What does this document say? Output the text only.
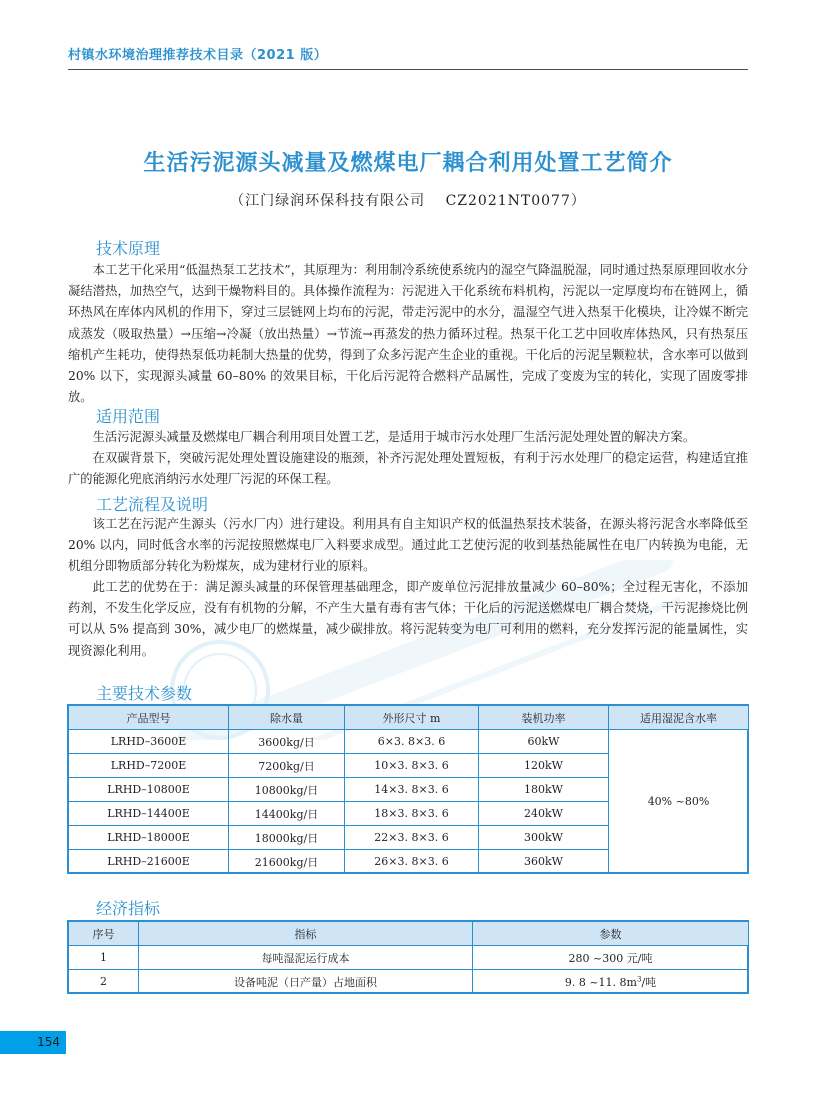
村镇水环境治理推荐技术目录（2021 版）
生活污泥源头减量及燃煤电厂耦合利用处置工艺简介
（江门绿润环保科技有限公司　 CZ2021NT0077）
技术原理

本工艺干化采用“低温热泵工艺技术”，其原理为：利用制冷系统使系统内的湿空气降温脱湿，同时通过热泵原理回收水分凝结潜热，加热空气，达到干燥物料目的。具体操作流程为：污泥进入干化系统布料机构，污泥以一定厚度均布在链网上，循环热风在库体内风机的作用下，穿过三层链网上均布的污泥，带走污泥中的水分，温湿空气进入热泵干化模块，让冷媒不断完成蒸发（吸取热量）→压缩→冷凝（放出热量）→节流→再蒸发的热力循环过程。热泵干化工艺中回收库体热风，只有热泵压缩机产生耗功，使得热泵低功耗制大热量的优势，得到了众多污泥产生企业的重视。干化后的污泥呈颗粒状，含水率可以做到 20% 以下，实现源头减量 60–80% 的效果目标，干化后污泥符合燃料产品属性，完成了变废为宝的转化，实现了固废零排放。

适用范围

生活污泥源头减量及燃煤电厂耦合利用项目处置工艺，是适用于城市污水处理厂生活污泥处理处置的解决方案。

在双碳背景下，突破污泥处理处置设施建设的瓶颈，补齐污泥处理处置短板，有利于污水处理厂的稳定运营，构建适宜推广的能源化兜底消纳污水处理厂污泥的环保工程。

工艺流程及说明

该工艺在污泥产生源头（污水厂内）进行建设。利用具有自主知识产权的低温热泵技术装备，在源头将污泥含水率降低至 20% 以内，同时低含水率的污泥按照燃煤电厂入料要求成型。通过此工艺使污泥的收到基热能属性在电厂内转换为电能，无机组分即物质部分转化为粉煤灰，成为建材行业的原料。

此工艺的优势在于：满足源头减量的环保管理基础理念，即产废单位污泥排放量减少 60–80%；全过程无害化，不添加药剂，不发生化学反应，没有有机物的分解，不产生大量有毒有害气体；干化后的污泥送燃煤电厂耦合焚烧，干污泥掺烧比例可以从 5% 提高到 30%，减少电厂的燃煤量，减少碳排放。将污泥转变为电厂可利用的燃料，充分发挥污泥的能量属性，实现资源化利用。

主要技术参数
产品型号	除水量	外形尺寸 m	装机功率	适用湿泥含水率
LRHD–3600E	3600kg/日	6×3. 8×3. 6	60kW	40% ~80%
LRHD–7200E	7200kg/日	10×3. 8×3. 6	120kW	
LRHD–10800E	10800kg/日	14×3. 8×3. 6	180kW	
LRHD–14400E	14400kg/日	18×3. 8×3. 6	240kW	
LRHD–18000E	18000kg/日	22×3. 8×3. 6	300kW	
LRHD–21600E	21600kg/日	26×3. 8×3. 6	360kW	
经济指标
序号	指标	参数
1	每吨湿泥运行成本	280 ~300 元/吨
2	设备吨泥（日产量）占地面积	9. 8 ~11. $8m^3/$吨
154
